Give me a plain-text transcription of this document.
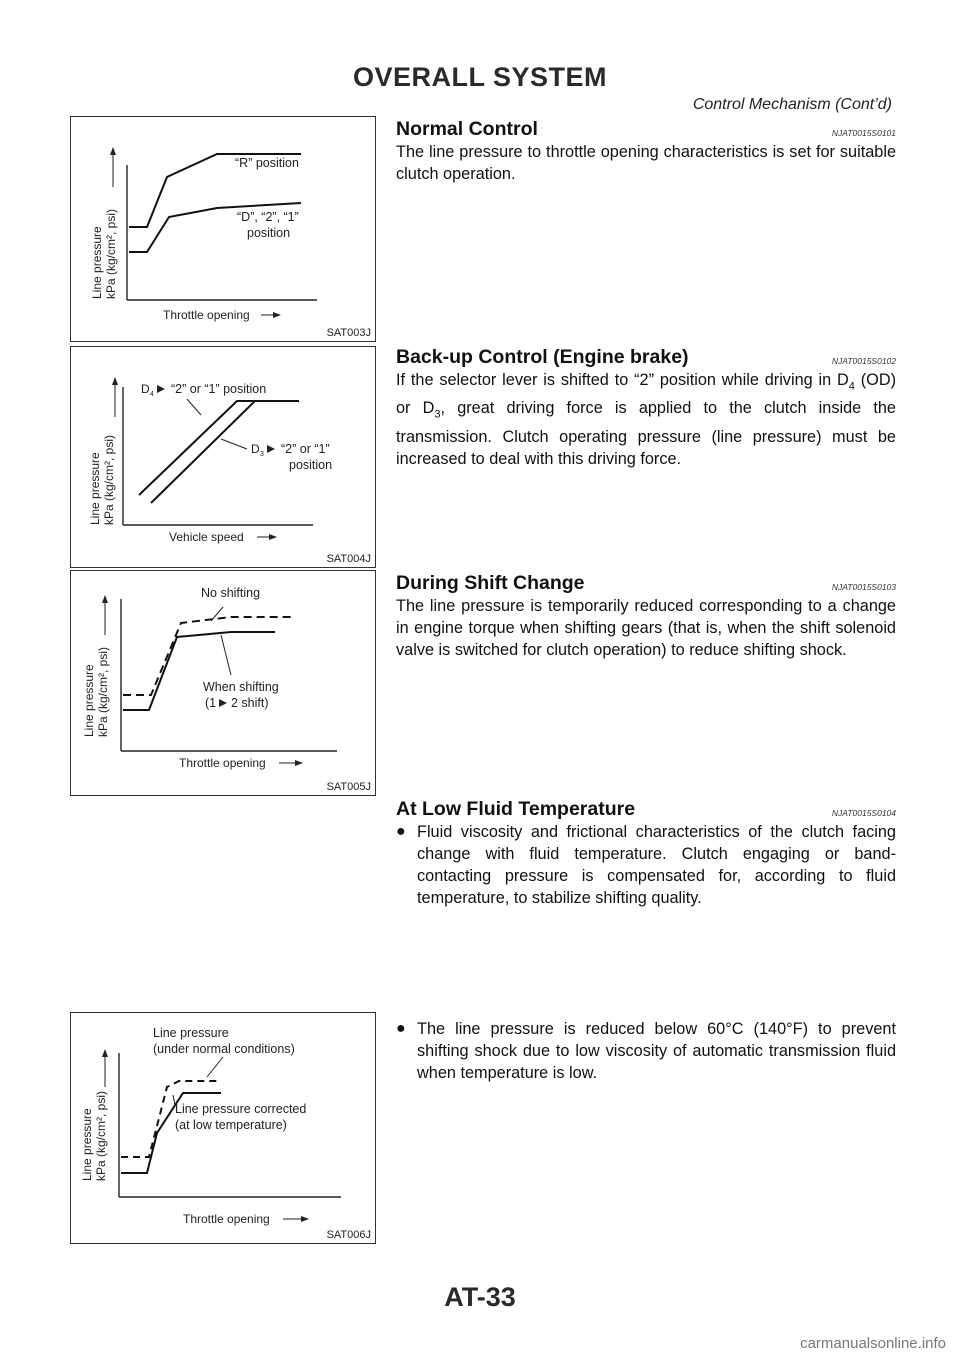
OVERALL SYSTEM
Control Mechanism (Cont’d)
Line pressure kPa (kg/cm², psi)
Throttle opening
“R” position
“D”, “2”, “1”
position
SAT003J
Line pressure kPa (kg/cm², psi)
Vehicle speed
D 4 “2” or “1” position
D 3 “2” or “1”
position
SAT004J
Line pressure kPa (kg/cm², psi)
Throttle opening
No shifting
When shifting
(1 2 shift)
SAT005J
Line pressure kPa (kg/cm², psi)
Throttle opening
Line pressure
(under normal conditions)
Line pressure corrected
(at low temperature)
SAT006J
Normal Control	NJAT0015S0101

The line pressure to throttle opening characteristics is set for suitable clutch operation.

Back-up Control (Engine brake)	NJAT0015S0102

If the selector lever is shifted to “2” position while driving in $D_4$ (OD) or $D_3$, great driving force is applied to the clutch inside the transmission. Clutch operating pressure (line pressure) must be increased to deal with this driving force.

During Shift Change	NJAT0015S0103

The line pressure is temporarily reduced corresponding to a change in engine torque when shifting gears (that is, when the shift solenoid valve is switched for clutch operation) to reduce shifting shock.

At Low Fluid Temperature	NJAT0015S0104
● Fluid viscosity and frictional characteristics of the clutch facing change with fluid temperature. Clutch engaging or band-contacting pressure is compensated for, according to fluid temperature, to stabilize shifting quality.

● The line pressure is reduced below 60°C (140°F) to prevent shifting shock due to low viscosity of automatic transmission fluid when temperature is low.

AT-33
carmanualsonline.info
